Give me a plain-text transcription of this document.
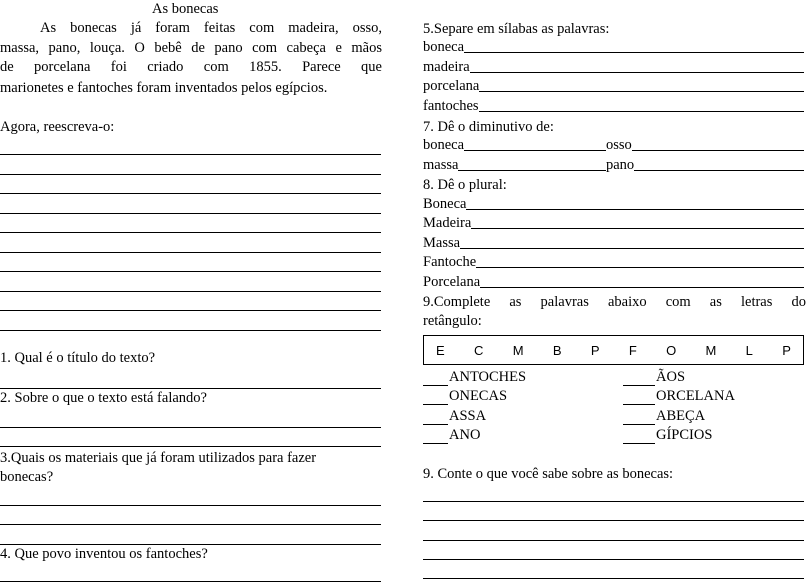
As bonecas
As bonecas já foram feitas com madeira, osso,
massa, pano, louça. O bebê de pano com cabeça e mãos
de porcelana foi criado com 1855. Parece que
marionetes e fantoches foram inventados pelos egípcios.
Agora, reescreva-o:
1. Qual é o título do texto?
2. Sobre o que o texto está falando?
3.Quais os materiais que já foram utilizados para fazer
bonecas?
4. Que povo inventou os fantoches?
5.Separe em sílabas as palavras:
boneca
madeira
porcelana
fantoches
7. Dê o diminutivo de:
boneca	osso
massa	pano
8. Dê o plural:
Boneca
Madeira
Massa
Fantoche
Porcelana
9.Complete as palavras abaixo com as letras do
retângulo:
E C M B P F O M L P
ANTOCHES
ONECAS
ASSA
ANO
ÃOS
ORCELANA
ABEÇA
GÍPCIOS
9. Conte o que você sabe sobre as bonecas:
